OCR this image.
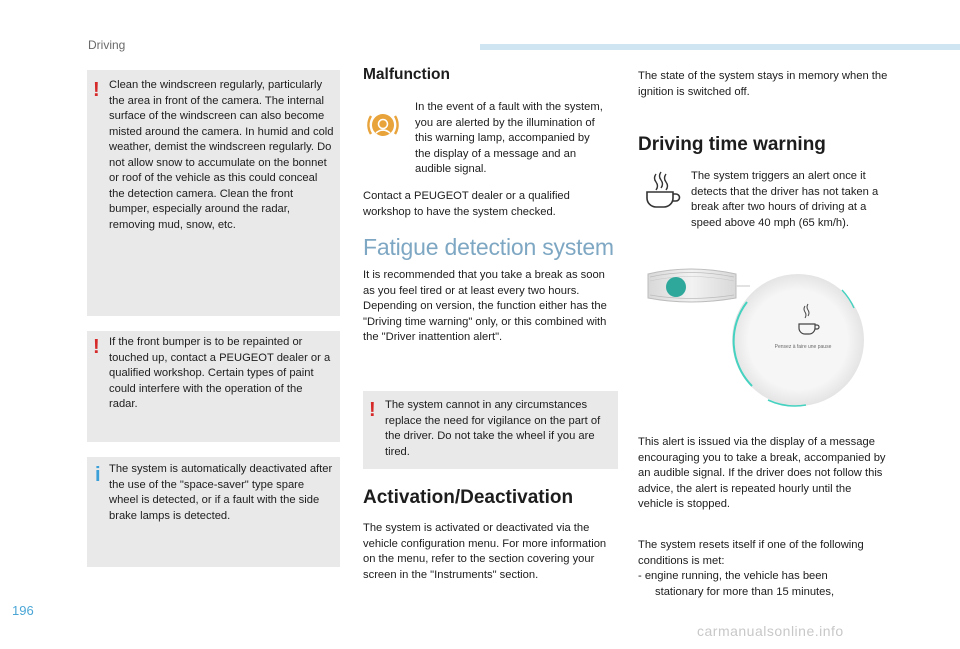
Driving
! Clean the windscreen regularly, particularly the area in front of the camera. The internal surface of the windscreen can also become misted around the camera. In humid and cold weather, demist the windscreen regularly. Do not allow snow to accumulate on the bonnet or roof of the vehicle as this could conceal the detection camera. Clean the front bumper, especially around the radar, removing mud, snow, etc.

! If the front bumper is to be repainted or touched up, contact a PEUGEOT dealer or a qualified workshop. Certain types of paint could interfere with the operation of the radar.

i The system is automatically deactivated after the use of the "space-saver" type spare wheel is detected, or if a fault with the side brake lamps is detected.

Malfunction
In the event of a fault with the system, you are alerted by the illumination of this warning lamp, accompanied by the display of a message and an audible signal.
Contact a PEUGEOT dealer or a qualified workshop to have the system checked.
Fatigue detection system
It is recommended that you take a break as soon as you feel tired or at least every two hours. Depending on version, the function either has the "Driving time warning" only, or this combined with the "Driver inattention alert".
! The system cannot in any circumstances replace the need for vigilance on the part of the driver. Do not take the wheel if you are tired.

Activation/Deactivation
The system is activated or deactivated via the vehicle configuration menu. For more information on the menu, refer to the section covering your screen in the "Instruments" section.
The state of the system stays in memory when the ignition is switched off.
Driving time warning
The system triggers an alert once it detects that the driver has not taken a break after two hours of driving at a speed above 40 mph (65 km/h).
Pensez à faire une pause
This alert is issued via the display of a message encouraging you to take a break, accompanied by an audible signal. If the driver does not follow this advice, the alert is repeated hourly until the vehicle is stopped.
The system resets itself if one of the following conditions is met:
- engine running, the vehicle has been stationary for more than 15 minutes,
196
carmanualsonline.info
